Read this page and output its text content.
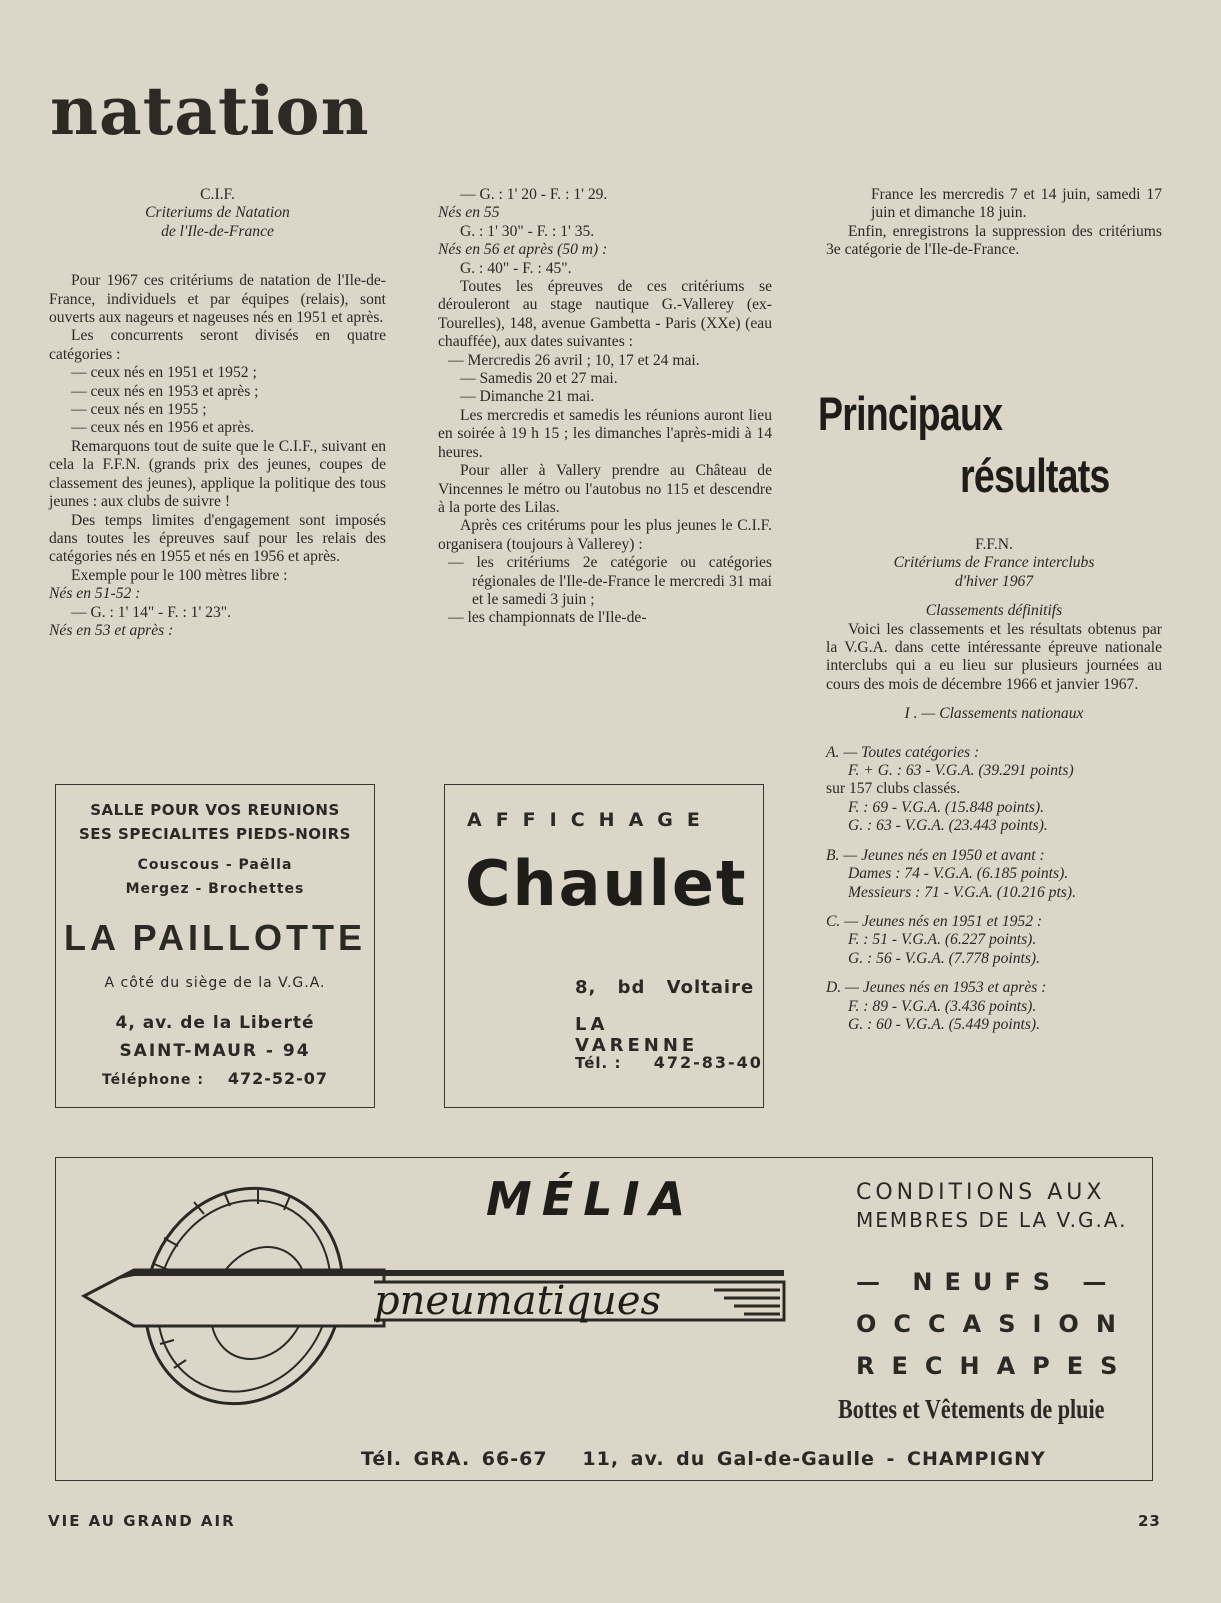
natation

C.I.F.

Criteriums de Natation

de l'Ile-de-France

Pour 1967 ces critériums de natation de l'Ile-de-France, individuels et par équipes (relais), sont ouverts aux nageurs et nageuses nés en 1951 et après.

Les concurrents seront divisés en quatre catégories :

— ceux nés en 1951 et 1952 ;

— ceux nés en 1953 et après ;

— ceux nés en 1955 ;

— ceux nés en 1956 et après.

Remarquons tout de suite que le C.I.F., suivant en cela la F.F.N. (grands prix des jeunes, coupes de classement des jeunes), applique la politique des tous jeunes : aux clubs de suivre !

Des temps limites d'engagement sont imposés dans toutes les épreuves sauf pour les relais des catégories nés en 1955 et nés en 1956 et après.

Exemple pour le 100 mètres libre :

Nés en 51-52 :

— G. : 1' 14" - F. : 1' 23".

Nés en 53 et après :

— G. : 1' 20 - F. : 1' 29.

Nés en 55

G. : 1' 30" - F. : 1' 35.

Nés en 56 et après (50 m) :

G. : 40" - F. : 45".

Toutes les épreuves de ces critériums se dérouleront au stage nautique G.-Vallerey (ex-Tourelles), 148, avenue Gambetta - Paris (XXe) (eau chauffée), aux dates suivantes :

— Mercredis 26 avril ; 10, 17 et 24 mai.

— Samedis 20 et 27 mai.

— Dimanche 21 mai.

Les mercredis et samedis les réunions auront lieu en soirée à 19 h 15 ; les dimanches l'après-midi à 14 heures.

Pour aller à Vallery prendre au Château de Vincennes le métro ou l'autobus no 115 et descendre à la porte des Lilas.

Après ces critérums pour les plus jeunes le C.I.F. organisera (toujours à Vallerey) :

— les critériums 2e catégorie ou catégories régionales de l'Ile-de-France le mercredi 31 mai et le samedi 3 juin ;

— les championnats de l'Ile-de-

France les mercredis 7 et 14 juin, samedi 17 juin et dimanche 18 juin.

Enfin, enregistrons la suppression des critériums 3e catégorie de l'Ile-de-France.

Principaux
résultats

F.F.N.

Critériums de France interclubs

d'hiver 1967

Classements définitifs

Voici les classements et les résultats obtenus par la V.G.A. dans cette intéressante épreuve nationale interclubs qui a eu lieu sur plusieurs journées au cours des mois de décembre 1966 et janvier 1967.

I . — Classements nationaux

A. — Toutes catégories :

F. + G. : 63 - V.G.A. (39.291 points)

sur 157 clubs classés.

F. : 69 - V.G.A. (15.848 points).

G. : 63 - V.G.A. (23.443 points).

B. — Jeunes nés en 1950 et avant :

Dames : 74 - V.G.A. (6.185 points).

Messieurs : 71 - V.G.A. (10.216 pts).

C. — Jeunes nés en 1951 et 1952 :

F. : 51 - V.G.A. (6.227 points).

G. : 56 - V.G.A. (7.778 points).

D. — Jeunes nés en 1953 et après :

F. : 89 - V.G.A. (3.436 points).

G. : 60 - V.G.A. (5.449 points).

SALLE POUR VOS REUNIONS
SES SPECIALITES PIEDS-NOIRS
Couscous - Paëlla
Mergez - Brochettes
LA PAILLOTTE
A côté du siège de la V.G.A.
4, av. de la Liberté
SAINT-MAUR - 94
Téléphone : 472-52-07
AFFICHAGE
Chaulet
8, bd Voltaire
LA VARENNE
Tél. : 472-83-40
MÉLIA
pneumatiques
CONDITIONS AUX
MEMBRES DE LA V.G.A.
— NEUFS —
OCCASION
RECHAPES
Bottes et Vêtements de pluie
Tél. GRA. 66-67   11, av. du Gal-de-Gaulle - CHAMPIGNY
VIE AU GRAND AIR	23
